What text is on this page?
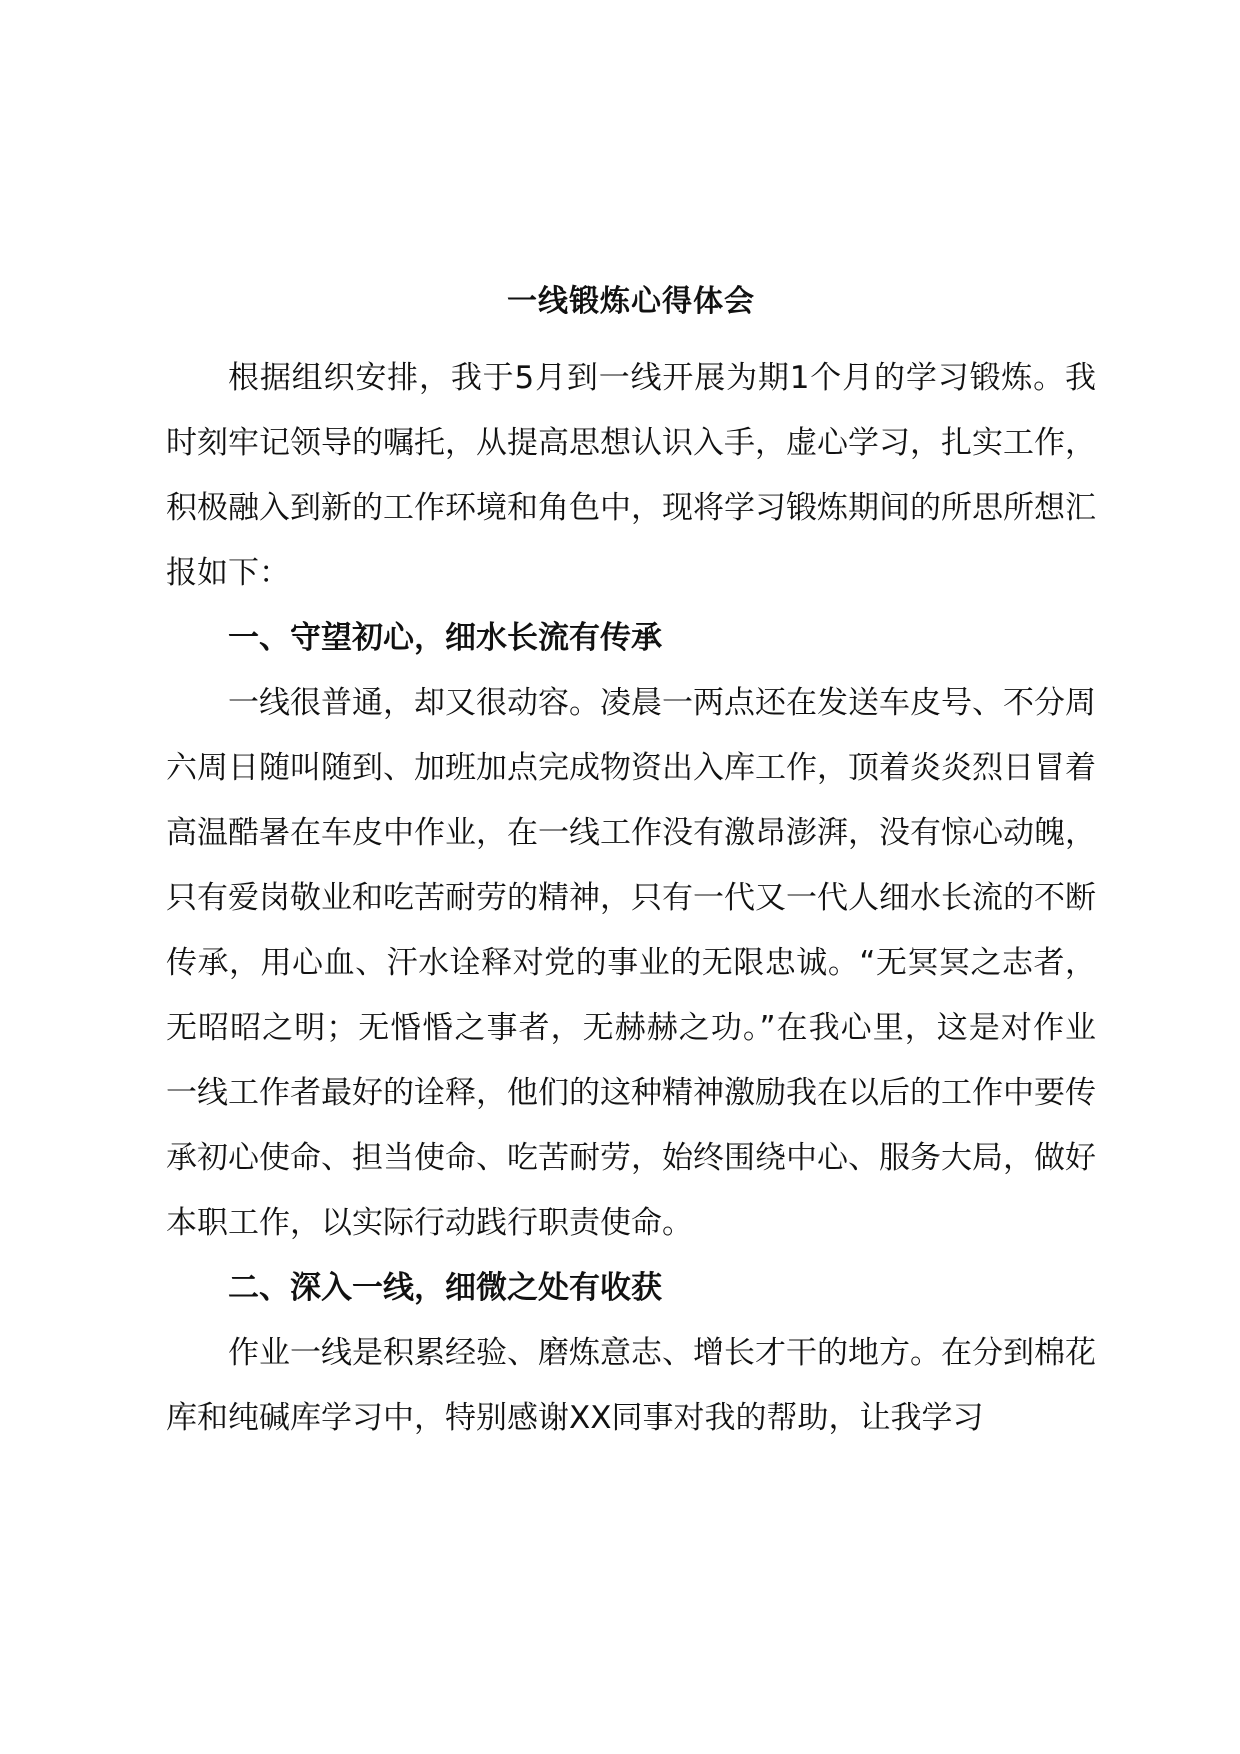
一线锻炼心得体会

根据组织安排，我于5月到一线开展为期1个月的学习锻炼。我时刻牢记领导的嘱托，从提高思想认识入手，虚心学习，扎实工作，积极融入到新的工作环境和角色中，现将学习锻炼期间的所思所想汇报如下：

一、守望初心，细水长流有传承

一线很普通，却又很动容。凌晨一两点还在发送车皮号、不分周六周日随叫随到、加班加点完成物资出入库工作，顶着炎炎烈日冒着高温酷暑在车皮中作业，在一线工作没有激昂澎湃，没有惊心动魄，只有爱岗敬业和吃苦耐劳的精神，只有一代又一代人细水长流的不断传承，用心血、汗水诠释对党的事业的无限忠诚。“无冥冥之志者，无昭昭之明；无惛惛之事者，无赫赫之功。”在我心里，这是对作业一线工作者最好的诠释，他们的这种精神激励我在以后的工作中要传承初心使命、担当使命、吃苦耐劳，始终围绕中心、服务大局，做好本职工作，以实际行动践行职责使命。

二、深入一线，细微之处有收获

作业一线是积累经验、磨炼意志、增长才干的地方。在分到棉花库和纯碱库学习中，特别感谢XX同事对我的帮助，让我学习
